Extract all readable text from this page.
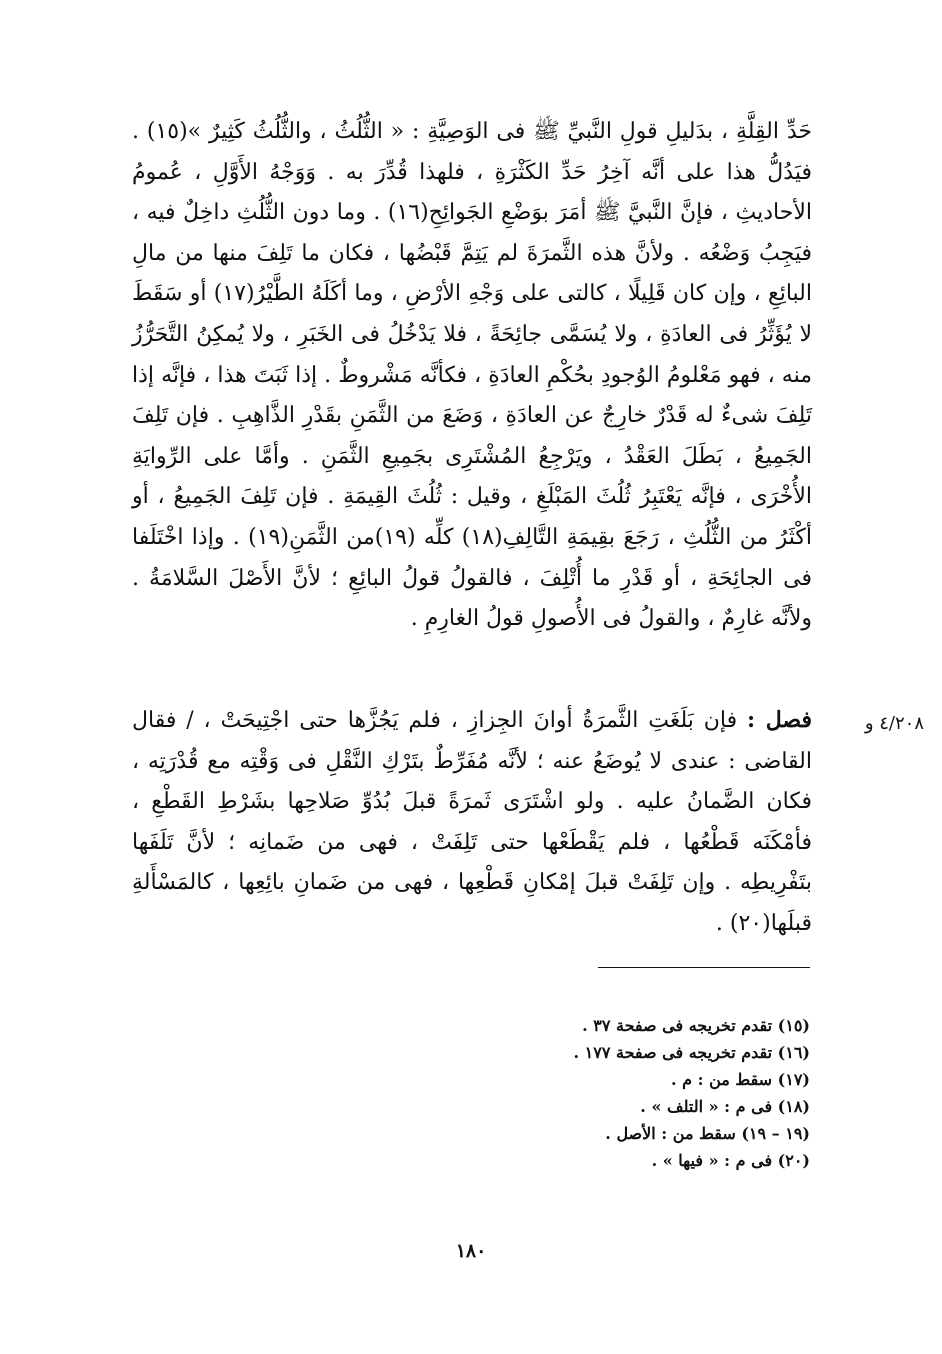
حَدِّ القِلَّةِ ، بدَليلِ قولِ النَّبيِّ ﷺ فى الوَصِيَّةِ : « الثُّلُثُ ، والثُّلُثُ كَثِيرٌ »(١٥) . فيَدُلُّ هذا على أنَّه آخِرُ حَدِّ الكَثْرَةِ ، فلهذا قُدِّرَ به . وَوَجْهُ الأَوَّلِ ، عُمومُ الأحاديثِ ، فإنَّ النَّبيَّ ﷺ أمَرَ بوَضْعِ الجَوائِحِ(١٦) . وما دون الثُّلُثِ داخِلٌ فيه ، فيَجِبُ وَضْعُه . ولأنَّ هذه الثَّمرَةَ لم يَتِمَّ قَبْضُها ، فكان ما تَلِفَ منها من مالِ البائِعِ ، وإن كان قَلِيلًا ، كالتى على وَجْهِ الأرْضِ ، وما أكَلَهُ الطَّيْرُ(١٧) أو سَقَطَ لا يُؤَثِّرُ فى العادَةِ ، ولا يُسَمَّى جائِحَةً ، فلا يَدْخُلُ فى الخَبَرِ ، ولا يُمكِنُ التَّحَرُّزُ منه ، فهو مَعْلومُ الوُجودِ بحُكْمِ العادَةِ ، فكأنَّه مَشْروطٌ . إذا ثَبَتَ هذا ، فإنَّه إذا تَلِفَ شىءٌ له قَدْرٌ خارِجٌ عن العادَةِ ، وَضَعَ من الثَّمَنِ بقَدْرِ الذَّاهِبِ . فإن تَلِفَ الجَمِيعُ ، بَطَلَ العَقْدُ ، ويَرْجِعُ المُشْتَرِى بجَمِيعِ الثَّمَنِ . وأمَّا على الرِّوايَةِ الأُخْرَى ، فإنَّه يَعْتَبِرُ ثُلُثَ المَبْلَغِ ، وقيل : ثُلُثَ القِيمَةِ . فإن تَلِفَ الجَمِيعُ ، أو أكْثَرُ من الثُّلُثِ ، رَجَعَ بقِيمَةِ التَّالِفِ(١٨) كلِّه (١٩)من الثَّمَنِ(١٩) . وإذا اخْتَلَفا فى الجائِحَةِ ، أو قَدْرِ ما أُتْلِفَ ، فالقولُ قولُ البائِعِ ؛ لأنَّ الأَصْلَ السَّلامَةُ . ولأنَّه غارِمٌ ، والقولُ فى الأُصولِ قولُ الغارِمِ .

٤/٢٠٨ و

فصل : فإن بَلَغَتِ الثَّمرَةُ أوانَ الجِزازِ ، فلم يَجُزَّها حتى اجْتِيحَتْ ، / فقال القاضى : عندى لا يُوضَعُ عنه ؛ لأنَّه مُفَرِّطٌ بتَرْكِ النَّقْلِ فى وَقْتِه مع قُدْرَتِه ، فكان الضَّمانُ عليه . ولو اشْتَرَى ثَمرَةً قبلَ بُدُوِّ صَلاحِها بشَرْطِ القَطْعِ ، فأمْكَنَه قَطْعُها ، فلم يَقْطَعْها حتى تَلِفَتْ ، فهى من ضَمانِه ؛ لأنَّ تَلَفَها بتَفْرِيطِه . وإن تَلِفَتْ قبلَ إمْكانِ قَطْعِها ، فهى من ضَمانِ بائِعِها ، كالمَسْأَلةِ قبلَها(٢٠) .

(١٥) تقدم تخريجه فى صفحة ٣٧ .
(١٦) تقدم تخريجه فى صفحة ١٧٧ .
(١٧) سقط من : م .
(١٨) فى م : « التلف » .
(١٩ – ١٩) سقط من : الأصل .
(٢٠) فى م : « فيها » .
١٨٠
